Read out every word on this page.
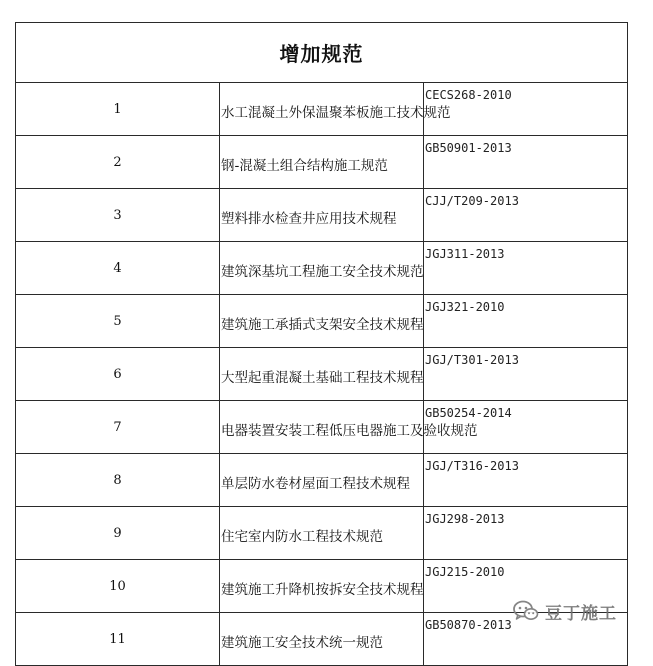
增加规范		
1	水工混凝土外保温聚苯板施工技术规范	CECS268-2010
2	钢-混凝土组合结构施工规范	GB50901-2013
3	塑料排水检查井应用技术规程	CJJ/T209-2013
4	建筑深基坑工程施工安全技术规范	JGJ311-2013
5	建筑施工承插式支架安全技术规程	JGJ321-2010
6	大型起重混凝土基础工程技术规程	JGJ/T301-2013
7	电器装置安装工程低压电器施工及验收规范	GB50254-2014
8	单层防水卷材屋面工程技术规程	JGJ/T316-2013
9	住宅室内防水工程技术规范	JGJ298-2013
10	建筑施工升降机按拆安全技术规程	JGJ215-2010
11	建筑施工安全技术统一规范	GB50870-2013
豆丁施工
